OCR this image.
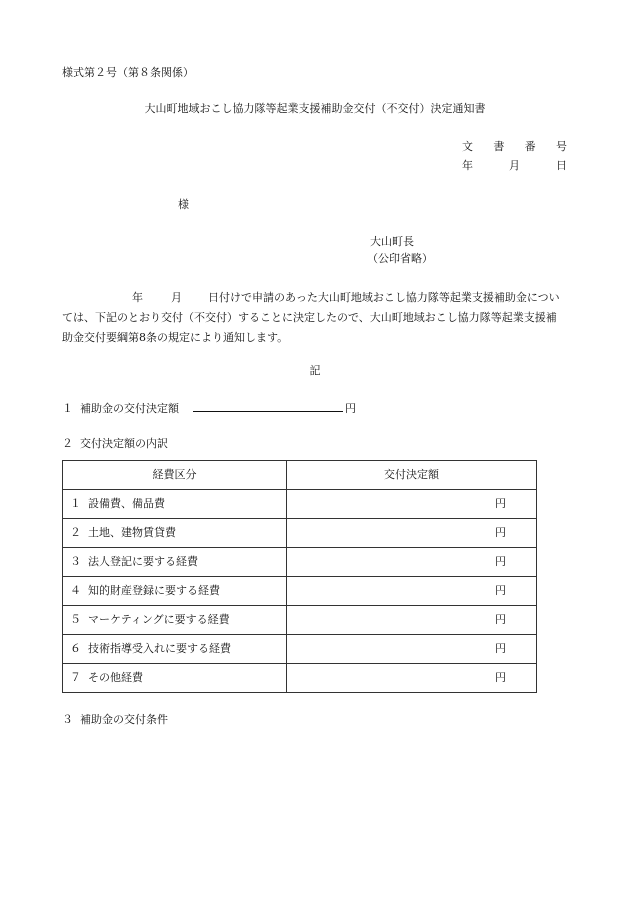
様式第２号（第８条関係）
大山町地域おこし協力隊等起業支援補助金交付（不交付）決定通知書
文 書 番 号
年	月	日
様
大山町長
（公印省略）
年	月 日付けで申請のあった大山町地域おこし協力隊等起業支援補助金については、下記のとおり交付（不交付）することに決定したので、大山町地域おこし協力隊等起業支援補助金交付要綱第8条の規定により通知します。
記
１ 補助金の交付決定額	円
２ 交付決定額の内訳
経費区分	交付決定額
１ 設備費、備品費	円
２ 土地、建物賃貸費	円
３ 法人登記に要する経費	円
４ 知的財産登録に要する経費	円
５ マーケティングに要する経費	円
６ 技術指導受入れに要する経費	円
７ その他経費	円
３ 補助金の交付条件
